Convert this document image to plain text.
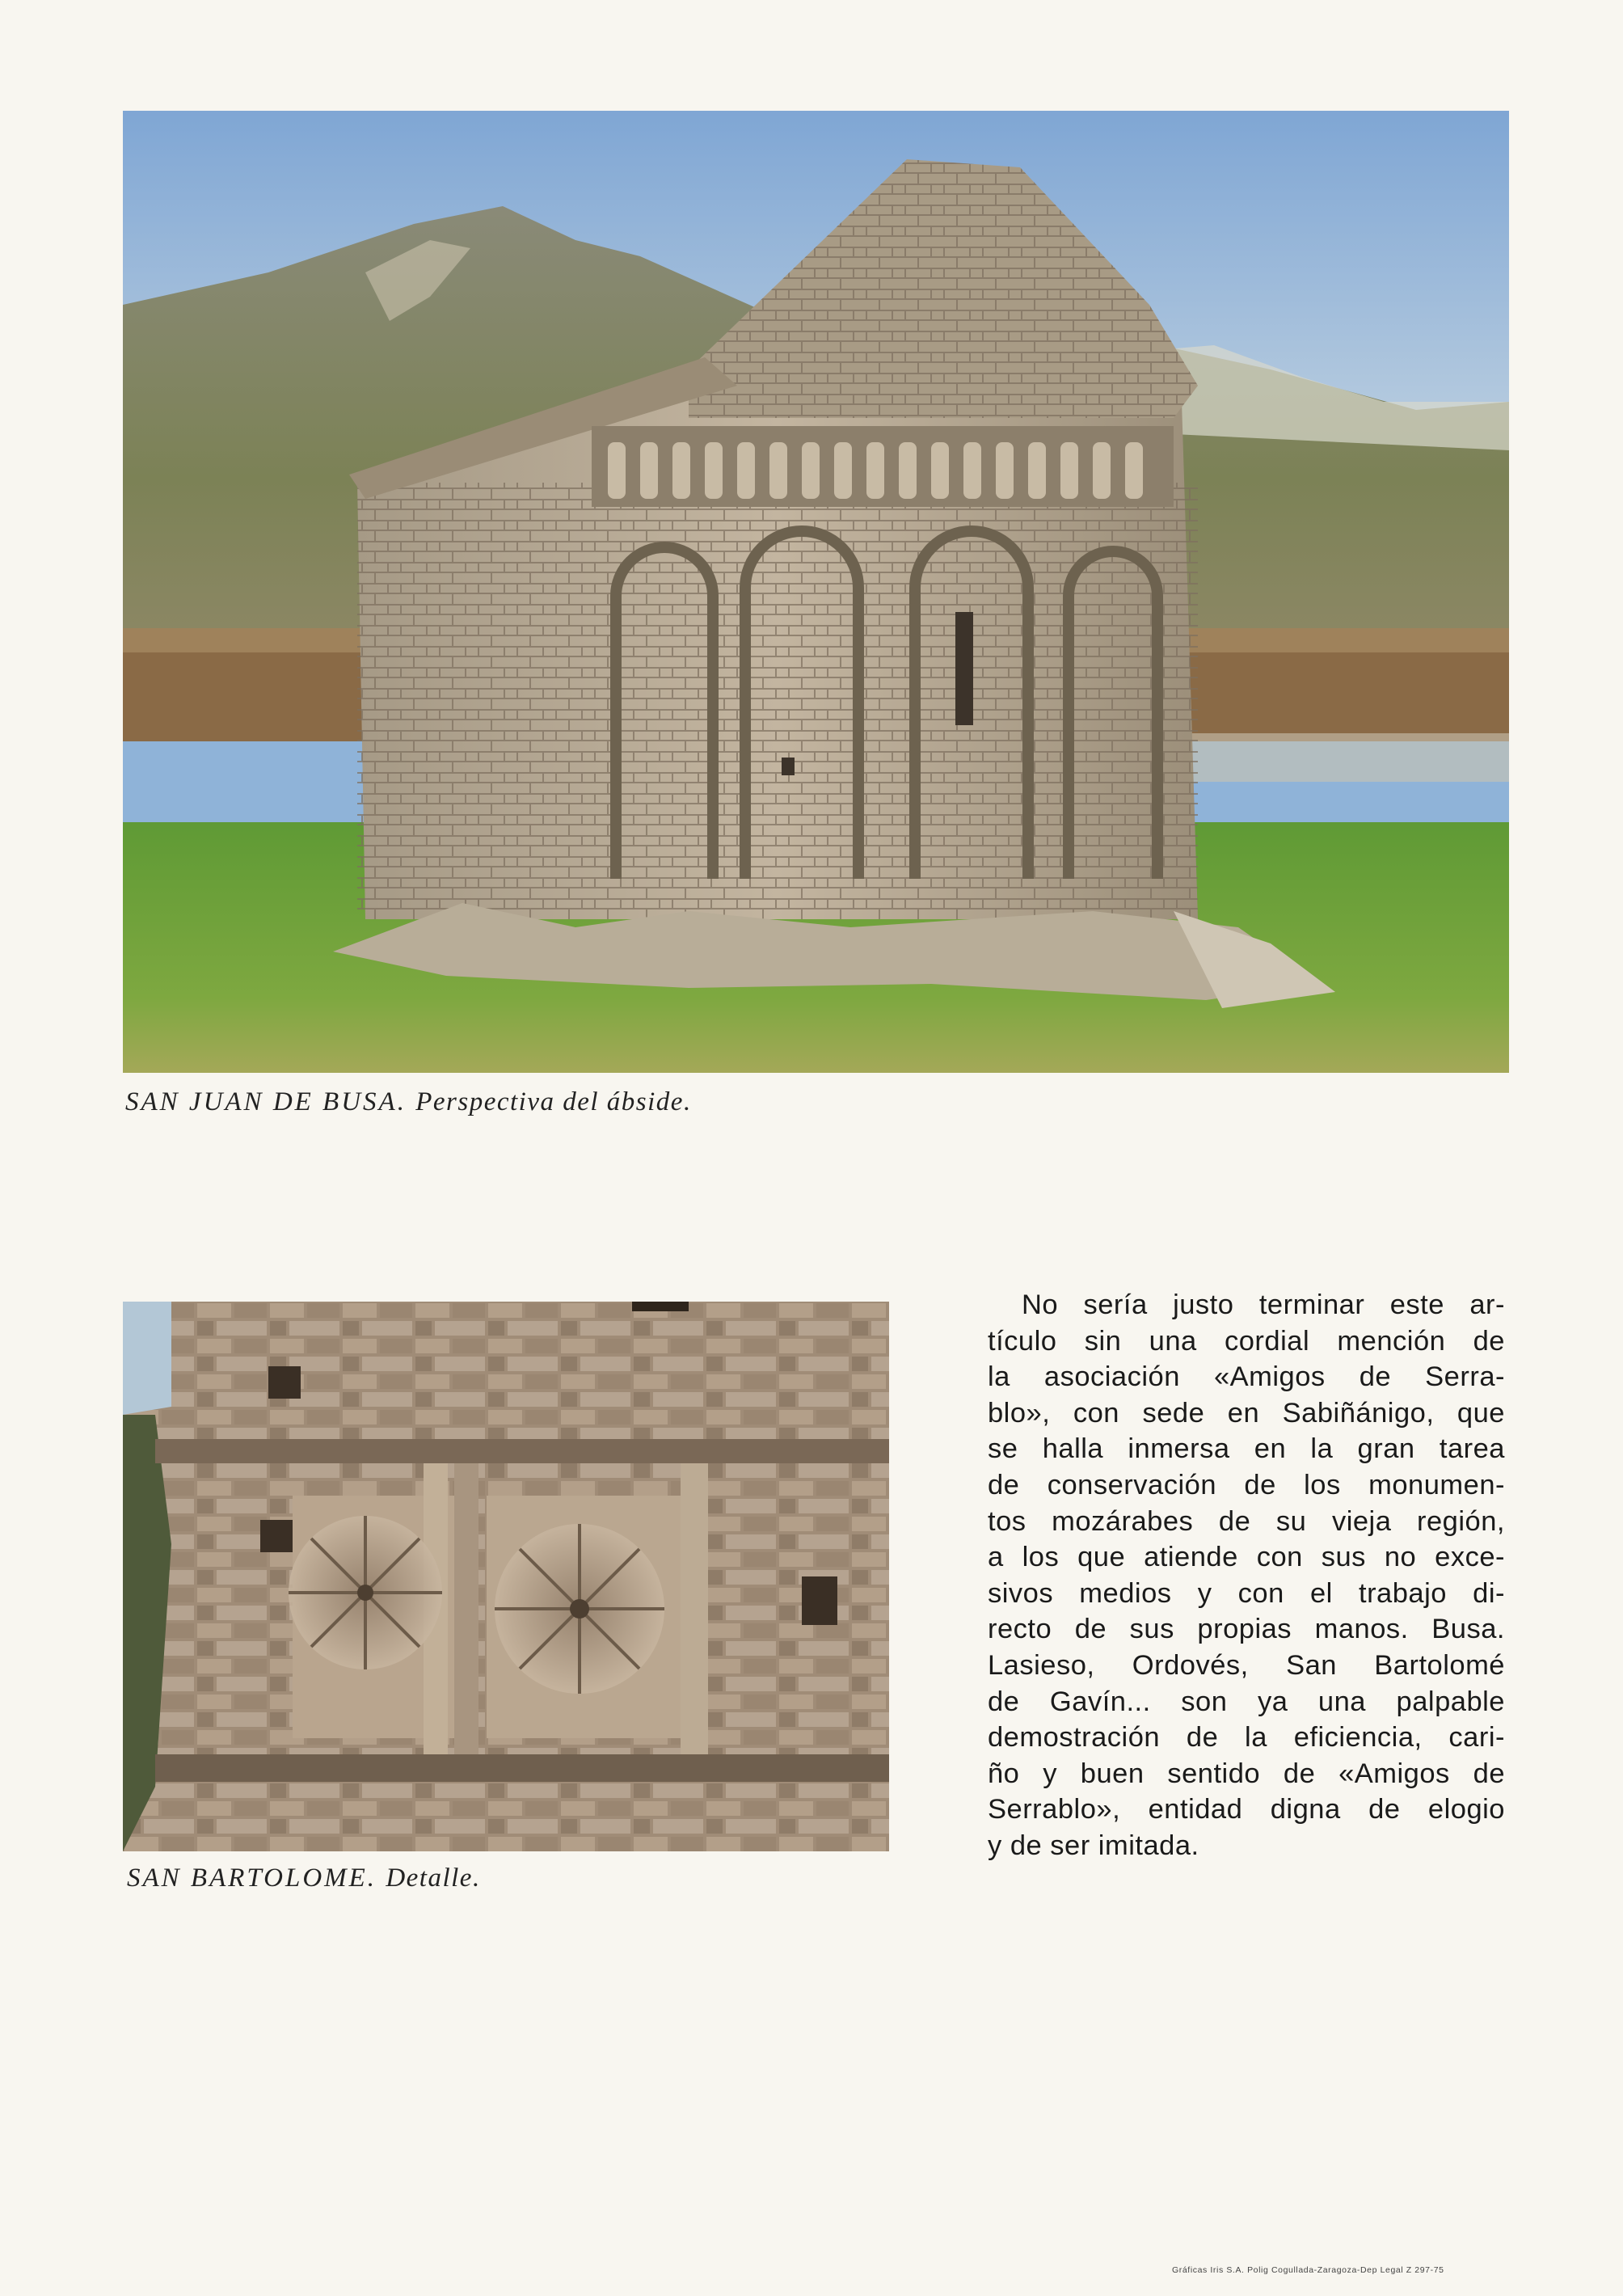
SAN JUAN DE BUSA. Perspectiva del ábside.
SAN BARTOLOME. Detalle.
No sería justo terminar este ar-
tículo sin una cordial mención de
la asociación «Amigos de Serra-
blo», con sede en Sabiñánigo, que
se halla inmersa en la gran tarea
de conservación de los monumen-
tos mozárabes de su vieja región,
a los que atiende con sus no exce-
sivos medios y con el trabajo di-
recto de sus propias manos. Busa.
Lasieso, Ordovés, San Bartolomé
de Gavín... son ya una palpable
demostración de la eficiencia, cari-
ño y buen sentido de «Amigos de
Serrablo», entidad digna de elogio
y de ser imitada.
Gráficas Iris S.A. Polig Cogullada-Zaragoza-Dep Legal Z 297-75
